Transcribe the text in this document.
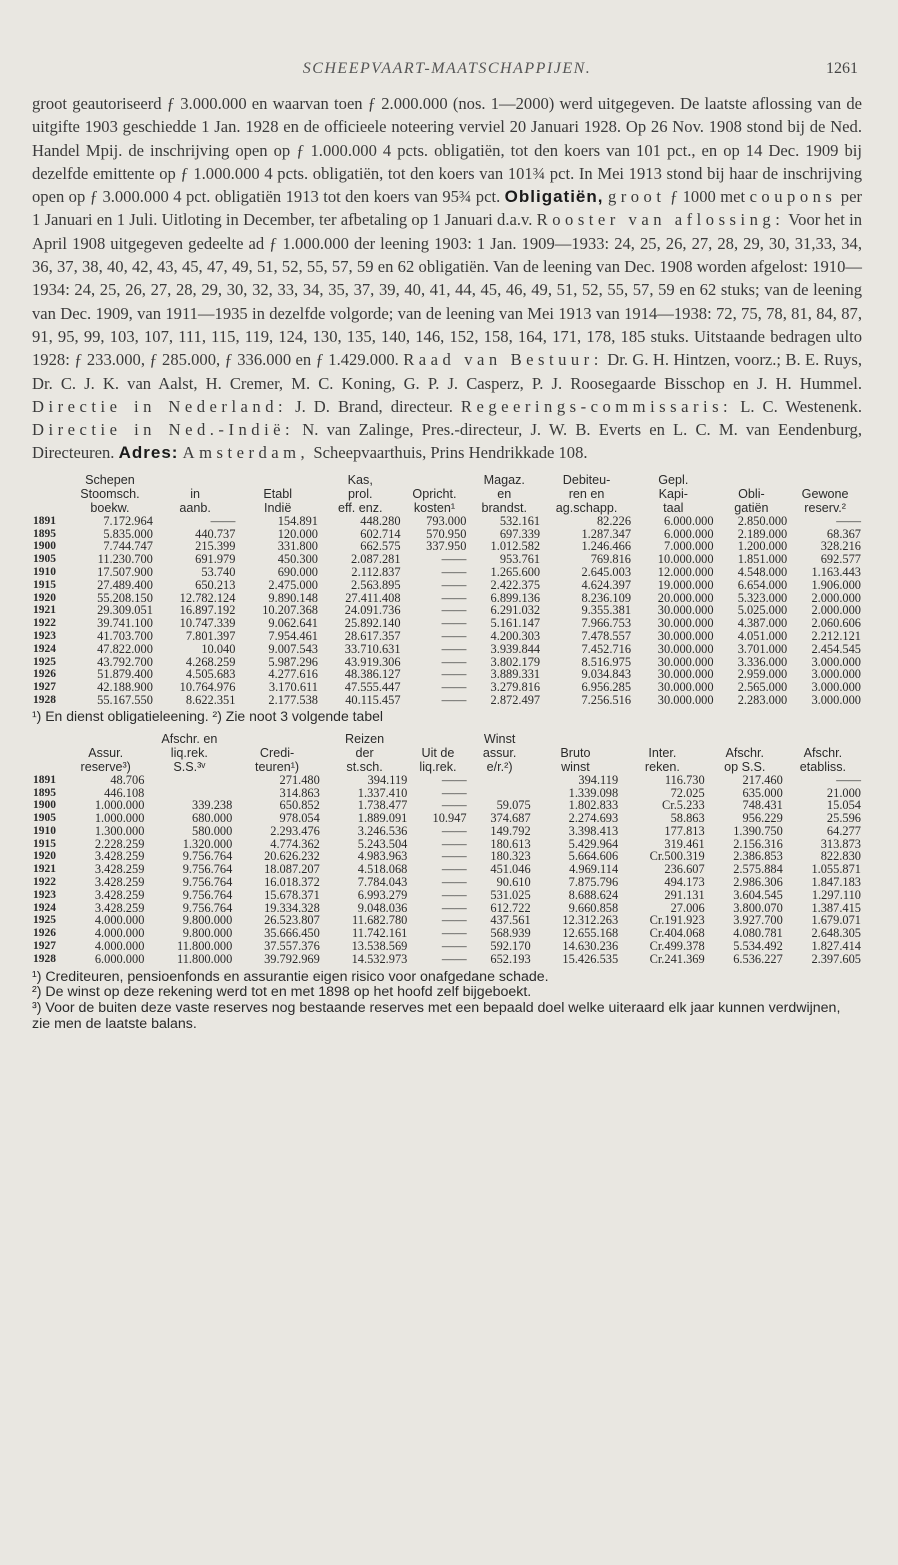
SCHEEPVAART-MAATSCHAPPIJEN.	1261

groot geautoriseerd ƒ 3.000.000 en waarvan toen ƒ 2.000.000 (nos. 1—2000) werd uitgegeven. De laatste aflossing van de uitgifte 1903 geschiedde 1 Jan. 1928 en de officieele noteering verviel 20 Januari 1928. Op 26 Nov. 1908 stond bij de Ned. Handel Mpij. de inschrijving open op ƒ 1.000.000 4 pcts. obligatiën, tot den koers van 101 pct., en op 14 Dec. 1909 bij dezelfde emittente op ƒ 1.000.000 4 pcts. obligatiën, tot den koers van 101¾ pct. In Mei 1913 stond bij haar de inschrijving open op ƒ 3.000.000 4 pct. obligatiën 1913 tot den koers van 95¾ pct. Obligatiën, groot ƒ 1000 met coupons per 1 Januari en 1 Juli. Uitloting in December, ter afbetaling op 1 Januari d.a.v. Rooster van aflossing: Voor het in April 1908 uitgegeven gedeelte ad ƒ 1.000.000 der leening 1903: 1 Jan. 1909—1933: 24, 25, 26, 27, 28, 29, 30, 31,33, 34, 36, 37, 38, 40, 42, 43, 45, 47, 49, 51, 52, 55, 57, 59 en 62 obligatiën. Van de leening van Dec. 1908 worden afgelost: 1910—1934: 24, 25, 26, 27, 28, 29, 30, 32, 33, 34, 35, 37, 39, 40, 41, 44, 45, 46, 49, 51, 52, 55, 57, 59 en 62 stuks; van de leening van Dec. 1909, van 1911—1935 in dezelfde volgorde; van de leening van Mei 1913 van 1914—1938: 72, 75, 78, 81, 84, 87, 91, 95, 99, 103, 107, 111, 115, 119, 124, 130, 135, 140, 146, 152, 158, 164, 171, 178, 185 stuks. Uitstaande bedragen ulto 1928: ƒ 233.000, ƒ 285.000, ƒ 336.000 en ƒ 1.429.000. Raad van Bestuur: Dr. G. H. Hintzen, voorz.; B. E. Ruys, Dr. C. J. K. van Aalst, H. Cremer, M. C. Koning, G. P. J. Casperz, P. J. Roosegaarde Bisschop en J. H. Hummel. Directie in Nederland: J. D. Brand, directeur. Regeerings-commissaris: L. C. Westenenk. Directie in Ned.-Indië: N. van Zalinge, Pres.-directeur, J. W. B. Everts en L. C. M. van Eendenburg, Directeuren. Adres: Amsterdam, Scheepvaarthuis, Prins Hendrikkade 108.

	Schepen			Kas,		Magaz.	Debiteu-	Gepl.		
	Stoomsch.	in	Etabl	prol.	Opricht.	en	ren en	Kapi-	Obli-	Gewone
	boekw.	aanb.	Indië	eff. enz.	kosten¹	brandst.	ag.schapp.	taal	gatiën	reserv.²
1891	7.172.964	——	154.891	448.280	793.000	532.161	82.226	6.000.000	2.850.000	——
1895	5.835.000	440.737	120.000	602.714	570.950	697.339	1.287.347	6.000.000	2.189.000	68.367
1900	7.744.747	215.399	331.800	662.575	337.950	1.012.582	1.246.466	7.000.000	1.200.000	328.216
1905	11.230.700	691.979	450.300	2.087.281	——	953.761	769.816	10.000.000	1.851.000	692.577
1910	17.507.900	53.740	690.000	2.112.837	——	1.265.600	2.645.003	12.000.000	4.548.000	1.163.443
1915	27.489.400	650.213	2.475.000	2.563.895	——	2.422.375	4.624.397	19.000.000	6.654.000	1.906.000
1920	55.208.150	12.782.124	9.890.148	27.411.408	——	6.899.136	8.236.109	20.000.000	5.323.000	2.000.000
1921	29.309.051	16.897.192	10.207.368	24.091.736	——	6.291.032	9.355.381	30.000.000	5.025.000	2.000.000
1922	39.741.100	10.747.339	9.062.641	25.892.140	——	5.161.147	7.966.753	30.000.000	4.387.000	2.060.606
1923	41.703.700	7.801.397	7.954.461	28.617.357	——	4.200.303	7.478.557	30.000.000	4.051.000	2.212.121
1924	47.822.000	10.040	9.007.543	33.710.631	——	3.939.844	7.452.716	30.000.000	3.701.000	2.454.545
1925	43.792.700	4.268.259	5.987.296	43.919.306	——	3.802.179	8.516.975	30.000.000	3.336.000	3.000.000
1926	51.879.400	4.505.683	4.277.616	48.386.127	——	3.889.331	9.034.843	30.000.000	2.959.000	3.000.000
1927	42.188.900	10.764.976	3.170.611	47.555.447	——	3.279.816	6.956.285	30.000.000	2.565.000	3.000.000
1928	55.167.550	8.622.351	2.177.538	40.115.457	——	2.872.497	7.256.516	30.000.000	2.283.000	3.000.000
¹) En dienst obligatieleening. ²) Zie noot 3 volgende tabel
		Afschr. en		Reizen		Winst				
	Assur.	liq.rek.	Credi-	der	Uit de	assur.	Bruto	Inter.	Afschr.	Afschr.
	reserve³)	S.S.³ᵛ	teuren¹)	st.sch.	liq.rek.	e/r.²)	winst	reken.	op S.S.	etabliss.
1891	48.706		271.480	394.119	——		394.119	116.730	217.460	——
1895	446.108		314.863	1.337.410	——		1.339.098	72.025	635.000	21.000
1900	1.000.000	339.238	650.852	1.738.477	——	59.075	1.802.833	Cr.5.233	748.431	15.054
1905	1.000.000	680.000	978.054	1.889.091	10.947	374.687	2.274.693	58.863	956.229	25.596
1910	1.300.000	580.000	2.293.476	3.246.536	——	149.792	3.398.413	177.813	1.390.750	64.277
1915	2.228.259	1.320.000	4.774.362	5.243.504	——	180.613	5.429.964	319.461	2.156.316	313.873
1920	3.428.259	9.756.764	20.626.232	4.983.963	——	180.323	5.664.606	Cr.500.319	2.386.853	822.830
1921	3.428.259	9.756.764	18.087.207	4.518.068	——	451.046	4.969.114	236.607	2.575.884	1.055.871
1922	3.428.259	9.756.764	16.018.372	7.784.043	——	90.610	7.875.796	494.173	2.986.306	1.847.183
1923	3.428.259	9.756.764	15.678.371	6.993.279	——	531.025	8.688.624	291.131	3.604.545	1.297.110
1924	3.428.259	9.756.764	19.334.328	9.048.036	——	612.722	9.660.858	27.006	3.800.070	1.387.415
1925	4.000.000	9.800.000	26.523.807	11.682.780	——	437.561	12.312.263	Cr.191.923	3.927.700	1.679.071
1926	4.000.000	9.800.000	35.666.450	11.742.161	——	568.939	12.655.168	Cr.404.068	4.080.781	2.648.305
1927	4.000.000	11.800.000	37.557.376	13.538.569	——	592.170	14.630.236	Cr.499.378	5.534.492	1.827.414
1928	6.000.000	11.800.000	39.792.969	14.532.973	——	652.193	15.426.535	Cr.241.369	6.536.227	2.397.605
¹) Crediteuren, pensioenfonds en assurantie eigen risico voor onafgedane schade.
²) De winst op deze rekening werd tot en met 1898 op het hoofd zelf bijgeboekt.
³) Voor de buiten deze vaste reserves nog bestaande reserves met een bepaald doel welke uiteraard elk jaar kunnen verdwijnen, zie men de laatste balans.
